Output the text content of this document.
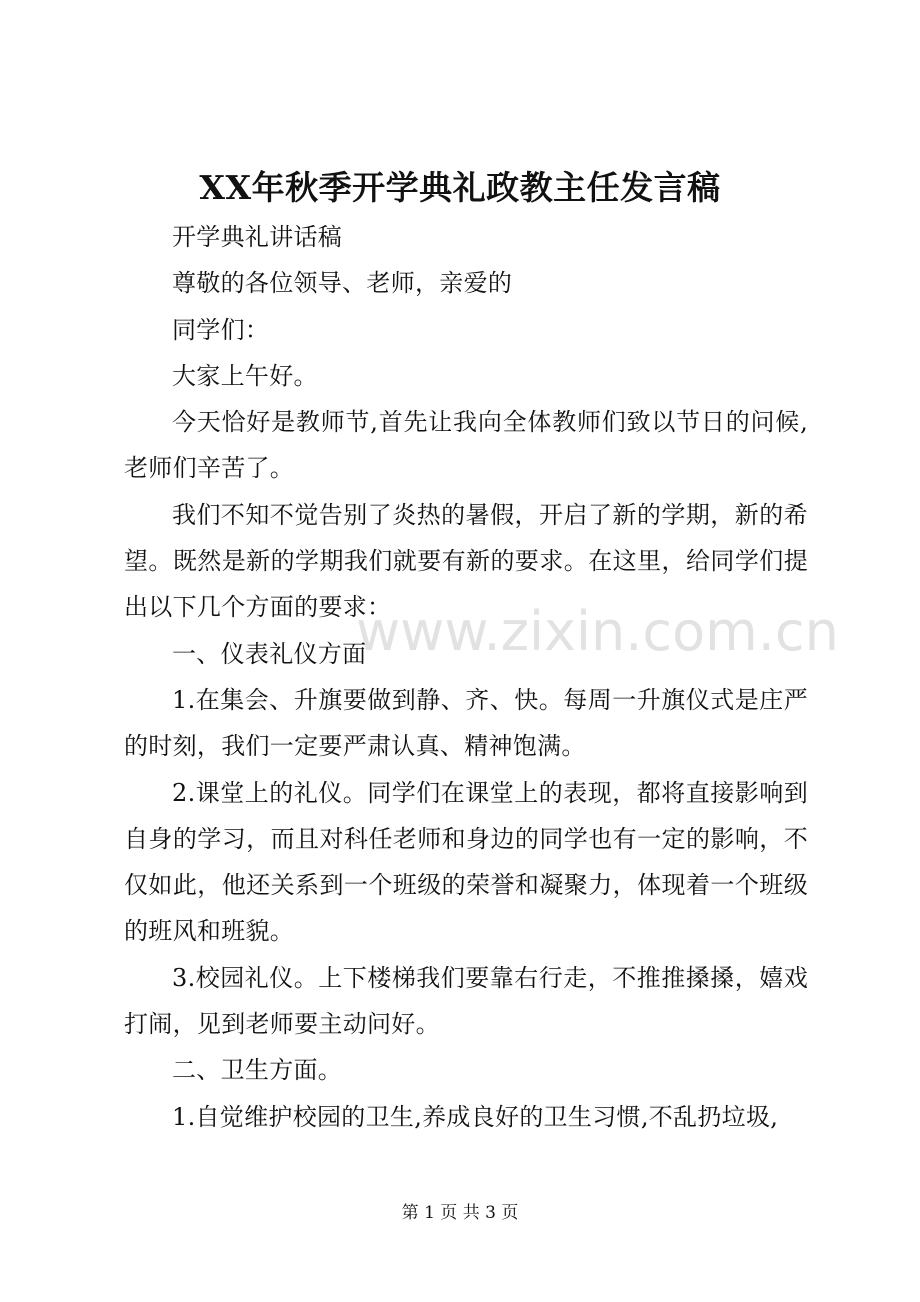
XX年秋季开学典礼政教主任发言稿

开学典礼讲话稿

尊敬的各位领导、老师，亲爱的

同学们：

大家上午好。

今天恰好是教师节,首先让我向全体教师们致以节日的问候,老师们辛苦了。

我们不知不觉告别了炎热的暑假，开启了新的学期，新的希望。既然是新的学期我们就要有新的要求。在这里，给同学们提出以下几个方面的要求：

一、仪表礼仪方面

1.在集会、升旗要做到静、齐、快。每周一升旗仪式是庄严的时刻，我们一定要严肃认真、精神饱满。

2.课堂上的礼仪。同学们在课堂上的表现，都将直接影响到自身的学习，而且对科任老师和身边的同学也有一定的影响，不仅如此，他还关系到一个班级的荣誉和凝聚力，体现着一个班级的班风和班貌。

3.校园礼仪。上下楼梯我们要靠右行走，不推推搡搡，嬉戏打闹，见到老师要主动问好。

二、卫生方面。

1.自觉维护校园的卫生,养成良好的卫生习惯,不乱扔垃圾,

www.zixin.com.cn

第 1 页 共 3 页
